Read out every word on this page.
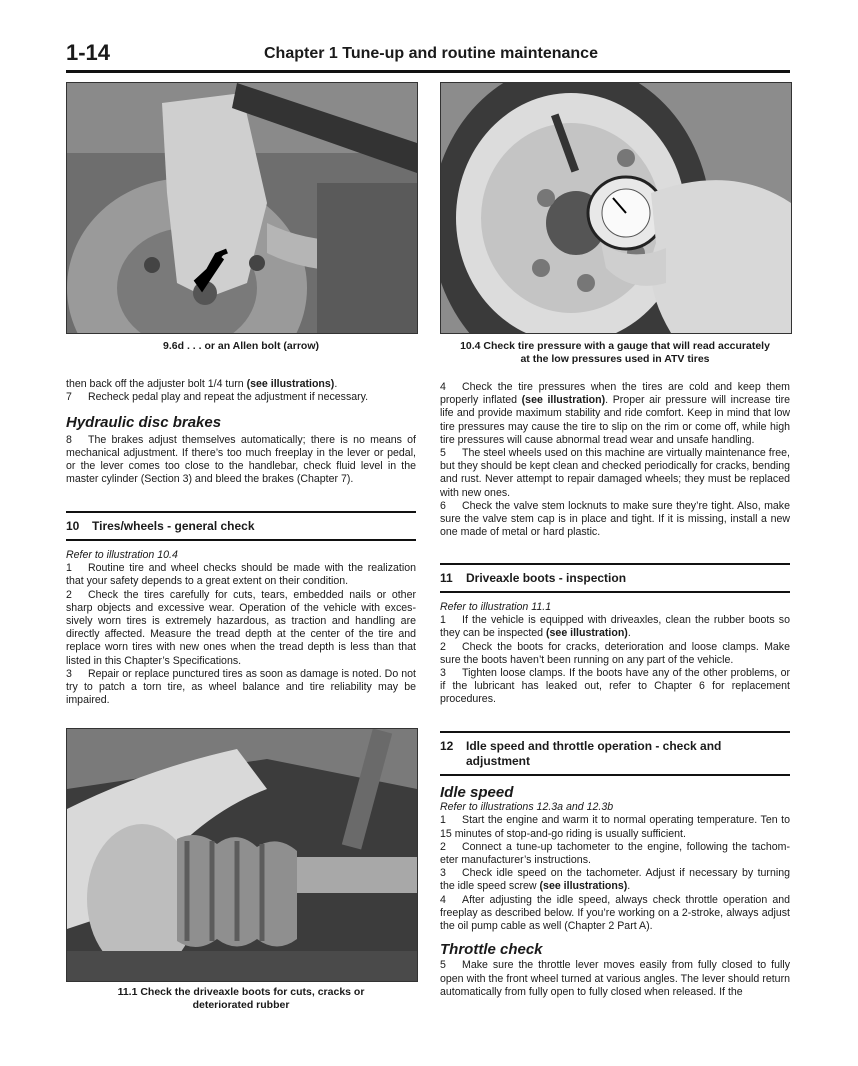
1-14	Chapter 1 Tune-up and routine maintenance
9.6d . . . or an Allen bolt (arrow)	10.4 Check tire pressure with a gauge that will read accurately
at the low pressures used in ATV tires

then back off the adjuster bolt 1/4 turn (see illustrations).

7 Recheck pedal play and repeat the adjustment if necessary.

Hydraulic disc brakes

8 The brakes adjust themselves automatically; there is no means of mechanical adjustment. If there’s too much freeplay in the lever or pedal, or the lever comes too close to the handlebar, check fluid level in the master cylinder (Section 3) and bleed the brakes (Chapter 7).

10 Tires/wheels - general check

Refer to illustration 10.4

1 Routine tire and wheel checks should be made with the realization that your safety depends to a great extent on their condition.

2 Check the tires carefully for cuts, tears, embedded nails or other sharp objects and excessive wear. Operation of the vehicle with excessively worn tires is extremely hazardous, as traction and handling are directly affected. Measure the tread depth at the center of the tire and replace worn tires with new ones when the tread depth is less than that listed in this Chapter’s Specifications.

3 Repair or replace punctured tires as soon as damage is noted. Do not try to patch a torn tire, as wheel balance and tire reliability may be impaired.

4 Check the tire pressures when the tires are cold and keep them properly inflated (see illustration). Proper air pressure will increase tire life and provide maximum stability and ride comfort. Keep in mind that low tire pressures may cause the tire to slip on the rim or come off, while high tire pressures will cause abnormal tread wear and unsafe handling.

5 The steel wheels used on this machine are virtually maintenance free, but they should be kept clean and checked periodically for cracks, bending and rust. Never attempt to repair damaged wheels; they must be replaced with new ones.

6 Check the valve stem locknuts to make sure they’re tight. Also, make sure the valve stem cap is in place and tight. If it is missing, install a new one made of metal or hard plastic.

11 Driveaxle boots - inspection

Refer to illustration 11.1

1 If the vehicle is equipped with driveaxles, clean the rubber boots so they can be inspected (see illustration).

2 Check the boots for cracks, deterioration and loose clamps. Make sure the boots haven’t been running on any part of the vehicle.

3 Tighten loose clamps. If the boots have any of the other problems, or if the lubricant has leaked out, refer to Chapter 6 for replacement procedures.

11.1 Check the driveaxle boots for cuts, cracks or
deteriorated rubber
12 Idle speed and throttle operation - check and
adjustment

Idle speed

Refer to illustrations 12.3a and 12.3b

1 Start the engine and warm it to normal operating temperature. Ten to 15 minutes of stop-and-go riding is usually sufficient.

2 Connect a tune-up tachometer to the engine, following the tachometer manufacturer’s instructions.

3 Check idle speed on the tachometer. Adjust if necessary by turning the idle speed screw (see illustrations).

4 After adjusting the idle speed, always check throttle operation and freeplay as described below. If you’re working on a 2-stroke, always adjust the oil pump cable as well (Chapter 2 Part A).

Throttle check

5 Make sure the throttle lever moves easily from fully closed to fully open with the front wheel turned at various angles. The lever should return automatically from fully open to fully closed when released. If the
